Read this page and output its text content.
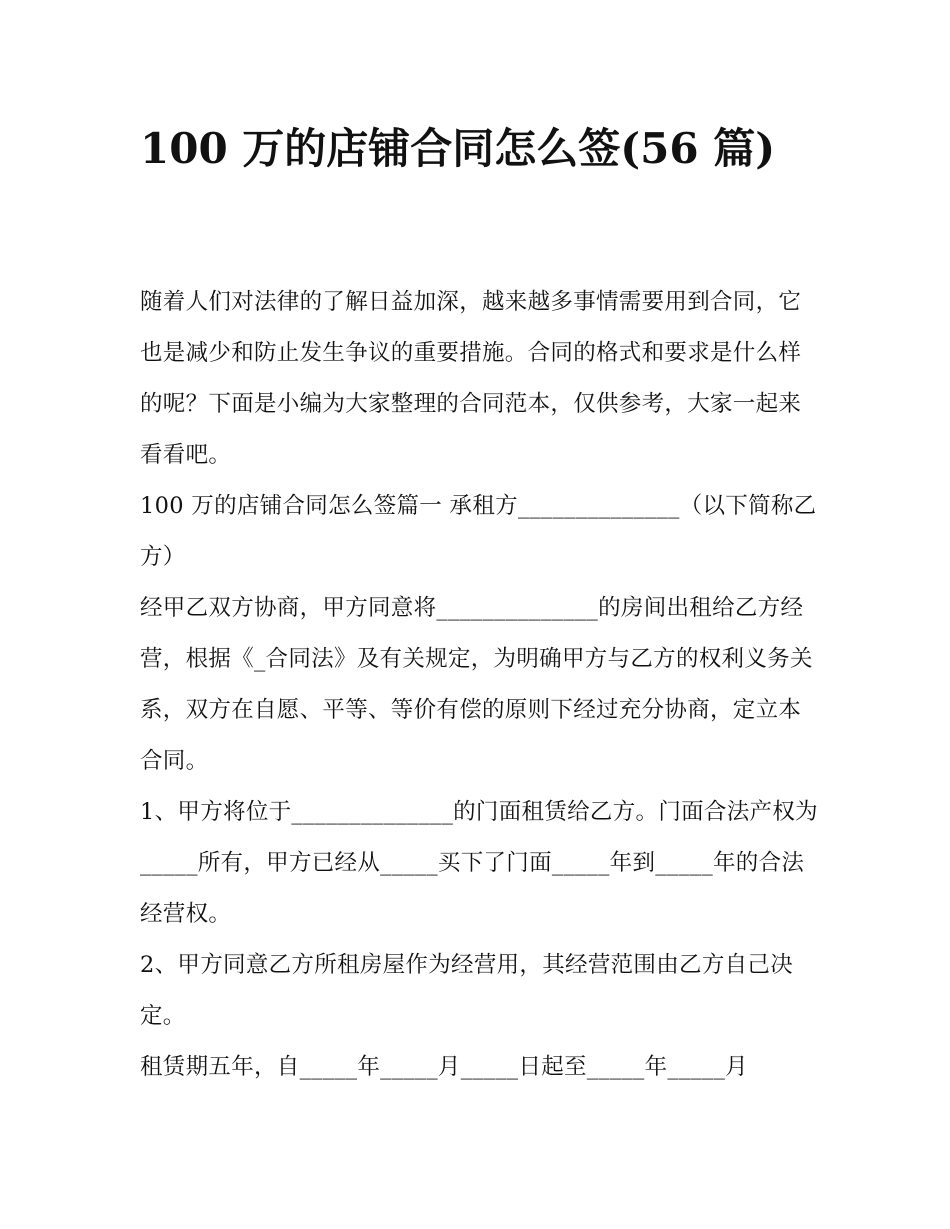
100 万的店铺合同怎么签(56 篇)

随着人们对法律的了解日益加深，越来越多事情需要用到合同，它也是减少和防止发生争议的重要措施。合同的格式和要求是什么样的呢？下面是小编为大家整理的合同范本，仅供参考，大家一起来看看吧。

100 万的店铺合同怎么签篇一 承租方______________（以下简称乙方）

经甲乙双方协商，甲方同意将______________的房间出租给乙方经营，根据《_合同法》及有关规定，为明确甲方与乙方的权利义务关系，双方在自愿、平等、等价有偿的原则下经过充分协商，定立本合同。

1、甲方将位于______________的门面租赁给乙方。门面合法产权为_____所有，甲方已经从_____买下了门面_____年到_____年的合法经营权。

2、甲方同意乙方所租房屋作为经营用，其经营范围由乙方自己决定。

租赁期五年，自_____年_____月_____日起至_____年_____月
